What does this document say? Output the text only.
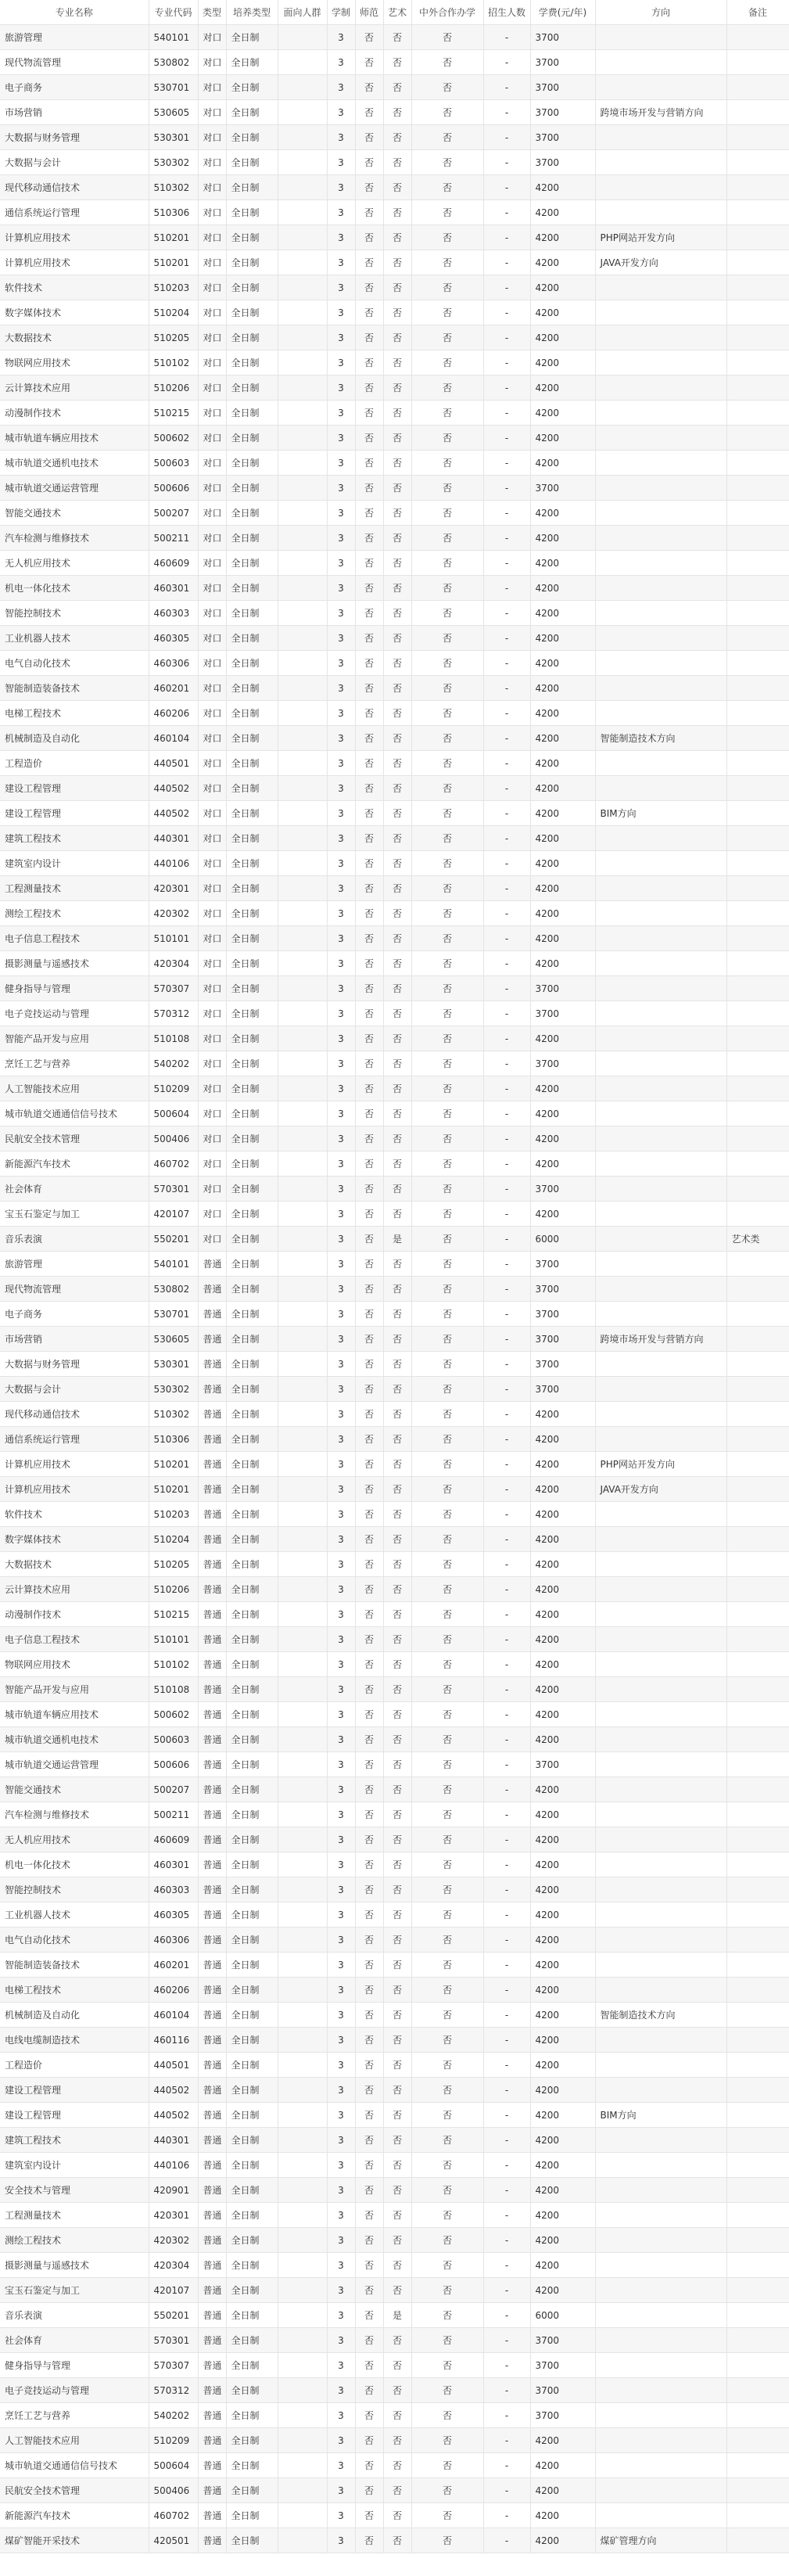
专业名称	专业代码	类型	培养类型	面向人群	学制	师范	艺术	中外合作办学	招生人数	学费(元/年)	方向	备注
旅游管理	540101	对口	全日制		3	否	否	否	-	3700		
现代物流管理	530802	对口	全日制		3	否	否	否	-	3700		
电子商务	530701	对口	全日制		3	否	否	否	-	3700		
市场营销	530605	对口	全日制		3	否	否	否	-	3700	跨境市场开发与营销方向	
大数据与财务管理	530301	对口	全日制		3	否	否	否	-	3700		
大数据与会计	530302	对口	全日制		3	否	否	否	-	3700		
现代移动通信技术	510302	对口	全日制		3	否	否	否	-	4200		
通信系统运行管理	510306	对口	全日制		3	否	否	否	-	4200		
计算机应用技术	510201	对口	全日制		3	否	否	否	-	4200	PHP网站开发方向	
计算机应用技术	510201	对口	全日制		3	否	否	否	-	4200	JAVA开发方向	
软件技术	510203	对口	全日制		3	否	否	否	-	4200		
数字媒体技术	510204	对口	全日制		3	否	否	否	-	4200		
大数据技术	510205	对口	全日制		3	否	否	否	-	4200		
物联网应用技术	510102	对口	全日制		3	否	否	否	-	4200		
云计算技术应用	510206	对口	全日制		3	否	否	否	-	4200		
动漫制作技术	510215	对口	全日制		3	否	否	否	-	4200		
城市轨道车辆应用技术	500602	对口	全日制		3	否	否	否	-	4200		
城市轨道交通机电技术	500603	对口	全日制		3	否	否	否	-	4200		
城市轨道交通运营管理	500606	对口	全日制		3	否	否	否	-	3700		
智能交通技术	500207	对口	全日制		3	否	否	否	-	4200		
汽车检测与维修技术	500211	对口	全日制		3	否	否	否	-	4200		
无人机应用技术	460609	对口	全日制		3	否	否	否	-	4200		
机电一体化技术	460301	对口	全日制		3	否	否	否	-	4200		
智能控制技术	460303	对口	全日制		3	否	否	否	-	4200		
工业机器人技术	460305	对口	全日制		3	否	否	否	-	4200		
电气自动化技术	460306	对口	全日制		3	否	否	否	-	4200		
智能制造装备技术	460201	对口	全日制		3	否	否	否	-	4200		
电梯工程技术	460206	对口	全日制		3	否	否	否	-	4200		
机械制造及自动化	460104	对口	全日制		3	否	否	否	-	4200	智能制造技术方向	
工程造价	440501	对口	全日制		3	否	否	否	-	4200		
建设工程管理	440502	对口	全日制		3	否	否	否	-	4200		
建设工程管理	440502	对口	全日制		3	否	否	否	-	4200	BIM方向	
建筑工程技术	440301	对口	全日制		3	否	否	否	-	4200		
建筑室内设计	440106	对口	全日制		3	否	否	否	-	4200		
工程测量技术	420301	对口	全日制		3	否	否	否	-	4200		
测绘工程技术	420302	对口	全日制		3	否	否	否	-	4200		
电子信息工程技术	510101	对口	全日制		3	否	否	否	-	4200		
摄影测量与遥感技术	420304	对口	全日制		3	否	否	否	-	4200		
健身指导与管理	570307	对口	全日制		3	否	否	否	-	3700		
电子竞技运动与管理	570312	对口	全日制		3	否	否	否	-	3700		
智能产品开发与应用	510108	对口	全日制		3	否	否	否	-	4200		
烹饪工艺与营养	540202	对口	全日制		3	否	否	否	-	3700		
人工智能技术应用	510209	对口	全日制		3	否	否	否	-	4200		
城市轨道交通通信信号技术	500604	对口	全日制		3	否	否	否	-	4200		
民航安全技术管理	500406	对口	全日制		3	否	否	否	-	4200		
新能源汽车技术	460702	对口	全日制		3	否	否	否	-	4200		
社会体育	570301	对口	全日制		3	否	否	否	-	3700		
宝玉石鉴定与加工	420107	对口	全日制		3	否	否	否	-	4200		
音乐表演	550201	对口	全日制		3	否	是	否	-	6000		艺术类
旅游管理	540101	普通	全日制		3	否	否	否	-	3700		
现代物流管理	530802	普通	全日制		3	否	否	否	-	3700		
电子商务	530701	普通	全日制		3	否	否	否	-	3700		
市场营销	530605	普通	全日制		3	否	否	否	-	3700	跨境市场开发与营销方向	
大数据与财务管理	530301	普通	全日制		3	否	否	否	-	3700		
大数据与会计	530302	普通	全日制		3	否	否	否	-	3700		
现代移动通信技术	510302	普通	全日制		3	否	否	否	-	4200		
通信系统运行管理	510306	普通	全日制		3	否	否	否	-	4200		
计算机应用技术	510201	普通	全日制		3	否	否	否	-	4200	PHP网站开发方向	
计算机应用技术	510201	普通	全日制		3	否	否	否	-	4200	JAVA开发方向	
软件技术	510203	普通	全日制		3	否	否	否	-	4200		
数字媒体技术	510204	普通	全日制		3	否	否	否	-	4200		
大数据技术	510205	普通	全日制		3	否	否	否	-	4200		
云计算技术应用	510206	普通	全日制		3	否	否	否	-	4200		
动漫制作技术	510215	普通	全日制		3	否	否	否	-	4200		
电子信息工程技术	510101	普通	全日制		3	否	否	否	-	4200		
物联网应用技术	510102	普通	全日制		3	否	否	否	-	4200		
智能产品开发与应用	510108	普通	全日制		3	否	否	否	-	4200		
城市轨道车辆应用技术	500602	普通	全日制		3	否	否	否	-	4200		
城市轨道交通机电技术	500603	普通	全日制		3	否	否	否	-	4200		
城市轨道交通运营管理	500606	普通	全日制		3	否	否	否	-	3700		
智能交通技术	500207	普通	全日制		3	否	否	否	-	4200		
汽车检测与维修技术	500211	普通	全日制		3	否	否	否	-	4200		
无人机应用技术	460609	普通	全日制		3	否	否	否	-	4200		
机电一体化技术	460301	普通	全日制		3	否	否	否	-	4200		
智能控制技术	460303	普通	全日制		3	否	否	否	-	4200		
工业机器人技术	460305	普通	全日制		3	否	否	否	-	4200		
电气自动化技术	460306	普通	全日制		3	否	否	否	-	4200		
智能制造装备技术	460201	普通	全日制		3	否	否	否	-	4200		
电梯工程技术	460206	普通	全日制		3	否	否	否	-	4200		
机械制造及自动化	460104	普通	全日制		3	否	否	否	-	4200	智能制造技术方向	
电线电缆制造技术	460116	普通	全日制		3	否	否	否	-	4200		
工程造价	440501	普通	全日制		3	否	否	否	-	4200		
建设工程管理	440502	普通	全日制		3	否	否	否	-	4200		
建设工程管理	440502	普通	全日制		3	否	否	否	-	4200	BIM方向	
建筑工程技术	440301	普通	全日制		3	否	否	否	-	4200		
建筑室内设计	440106	普通	全日制		3	否	否	否	-	4200		
安全技术与管理	420901	普通	全日制		3	否	否	否	-	4200		
工程测量技术	420301	普通	全日制		3	否	否	否	-	4200		
测绘工程技术	420302	普通	全日制		3	否	否	否	-	4200		
摄影测量与遥感技术	420304	普通	全日制		3	否	否	否	-	4200		
宝玉石鉴定与加工	420107	普通	全日制		3	否	否	否	-	4200		
音乐表演	550201	普通	全日制		3	否	是	否	-	6000		
社会体育	570301	普通	全日制		3	否	否	否	-	3700		
健身指导与管理	570307	普通	全日制		3	否	否	否	-	3700		
电子竞技运动与管理	570312	普通	全日制		3	否	否	否	-	3700		
烹饪工艺与营养	540202	普通	全日制		3	否	否	否	-	3700		
人工智能技术应用	510209	普通	全日制		3	否	否	否	-	4200		
城市轨道交通通信信号技术	500604	普通	全日制		3	否	否	否	-	4200		
民航安全技术管理	500406	普通	全日制		3	否	否	否	-	4200		
新能源汽车技术	460702	普通	全日制		3	否	否	否	-	4200		
煤矿智能开采技术	420501	普通	全日制		3	否	否	否	-	4200	煤矿管理方向	
